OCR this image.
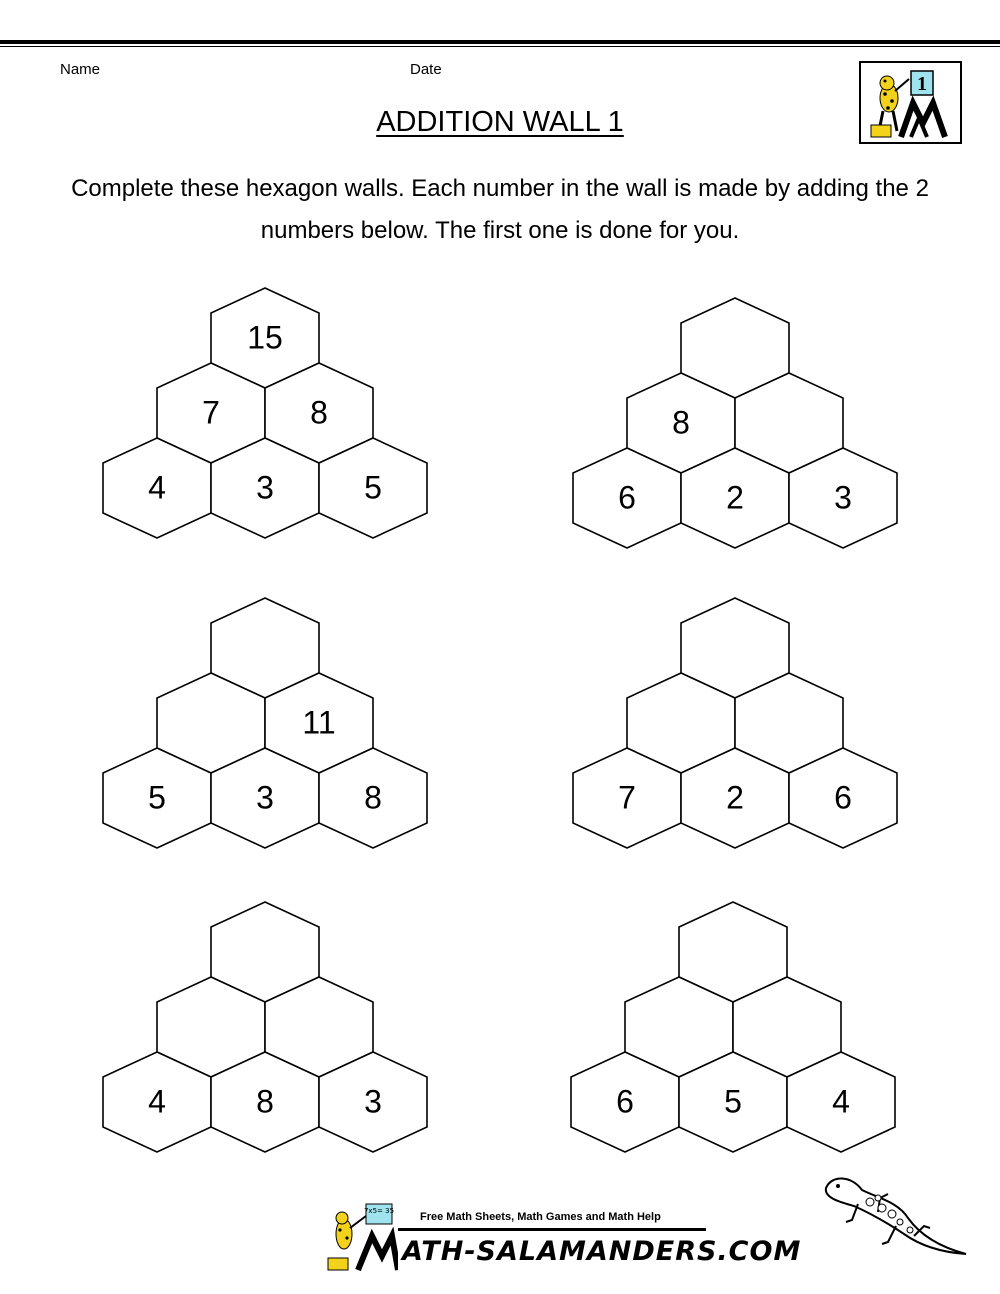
Name	Date
1
ADDITION WALL 1
Complete these hexagon walls. Each number in the wall is made by adding the 2 numbers below. The first one is done for you.
15
7	8
4	3	5
8
6	2	3
11
5	3	8	7	2	6
4	8	3	6	5	4
7x5= 35 Free Math Sheets, Math Games and Math Help
ATH-SALAMANDERS.COM
